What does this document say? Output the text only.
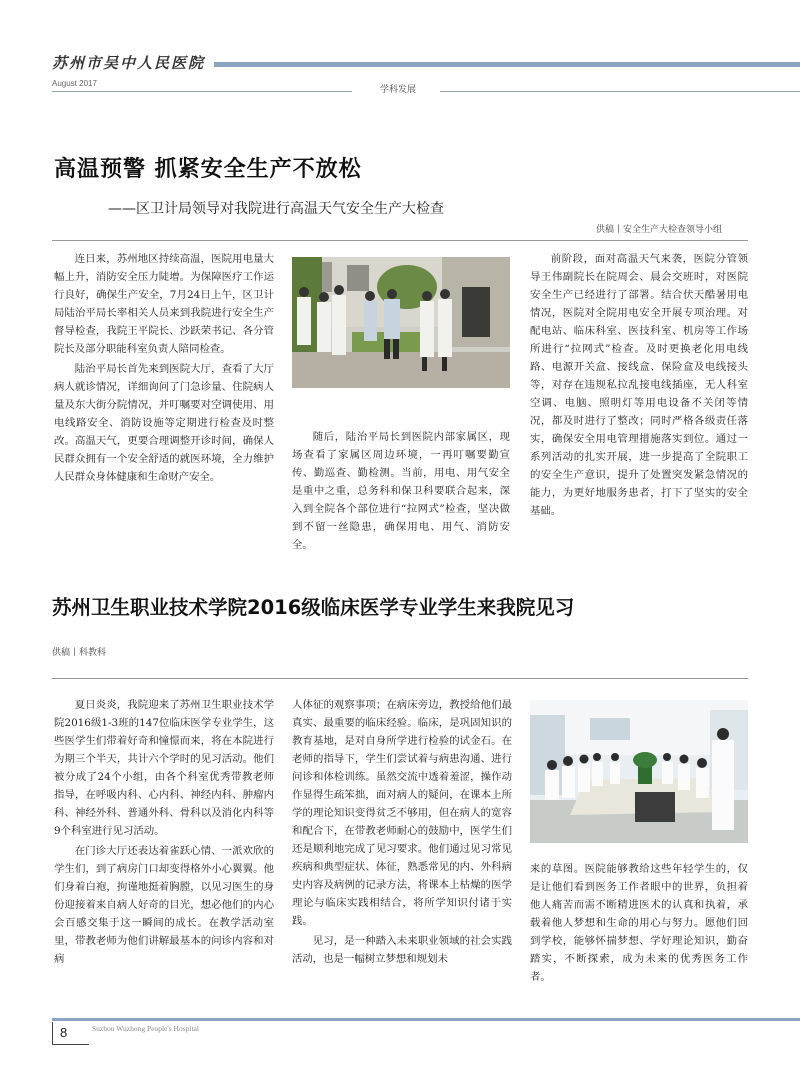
苏州市吴中人民医院
August 2017
学科发展
高温预警 抓紧安全生产不放松
——区卫计局领导对我院进行高温天气安全生产大检查
供稿丨安全生产大检查领导小组

连日来，苏州地区持续高温，医院用电量大幅上升，消防安全压力陡增。为保障医疗工作运行良好，确保生产安全，7月24日上午，区卫计局陆治平局长率相关人员来到我院进行安全生产督导检查，我院王平院长、沙跃荣书记、各分管院长及部分职能科室负责人陪同检查。

陆治平局长首先来到医院大厅，查看了大厅病人就诊情况，详细询问了门急诊量、住院病人量及东大街分院情况，并叮嘱要对空调使用、用电线路安全、消防设施等定期进行检查及时整改。高温天气，更要合理调整开诊时间，确保人民群众拥有一个安全舒适的就医环境，全力维护人民群众身体健康和生命财产安全。

随后，陆治平局长到医院内部家属区，现场查看了家属区周边环境，一再叮嘱要勤宣传、勤巡查、勤检测。当前，用电、用气安全是重中之重，总务科和保卫科要联合起来，深入到全院各个部位进行“拉网式”检查，坚决做到不留一丝隐患，确保用电、用气、消防安全。

前阶段，面对高温天气来袭，医院分管领导王伟副院长在院周会、晨会交班时，对医院安全生产已经进行了部署。结合伏天酷暑用电情况，医院对全院用电安全开展专项治理。对配电站、临床科室、医技科室、机房等工作场所进行“拉网式”检查。及时更换老化用电线路、电源开关盒、接线盒、保险盒及电线接头等，对存在违规私拉乱接电线插座，无人科室空调、电脑、照明灯等用电设备不关闭等情况，都及时进行了整改；同时严格各级责任落实，确保安全用电管理措施落实到位。通过一系列活动的扎实开展，进一步提高了全院职工的安全生产意识，提升了处置突发紧急情况的能力，为更好地服务患者，打下了坚实的安全基础。

苏州卫生职业技术学院2016级临床医学专业学生来我院见习
供稿丨科教科

夏日炎炎，我院迎来了苏州卫生职业技术学院2016级1-3班的147位临床医学专业学生，这些医学生们带着好奇和憧憬而来，将在本院进行为期三个半天，共计六个学时的见习活动。他们被分成了24个小组，由各个科室优秀带教老师指导，在呼吸内科、心内科、神经内科、肿瘤内科、神经外科、普通外科、骨科以及消化内科等9个科室进行见习活动。

在门诊大厅还表达着雀跃心情、一派欢欣的学生们，到了病房门口却变得格外小心翼翼。他们身着白袍，拘谨地挺着胸膛，以见习医生的身份迎接着来自病人好奇的目光，想必他们的内心会百感交集于这一瞬间的成长。在教学活动室里，带教老师为他们讲解最基本的问诊内容和对病

人体征的观察事项；在病床旁边，教授给他们最真实、最重要的临床经验。临床，是巩固知识的教育基地，是对自身所学进行检验的试金石。在老师的指导下，学生们尝试着与病患沟通、进行问诊和体检训练。虽然交流中透着羞涩，操作动作显得生疏笨拙，面对病人的疑问，在课本上所学的理论知识变得贫乏不够用，但在病人的宽容和配合下，在带教老师耐心的鼓励中，医学生们还是顺利地完成了见习要求。他们通过见习常见疾病和典型症状、体征，熟悉常见的内、外科病史内容及病例的记录方法，将课本上枯燥的医学理论与临床实践相结合，将所学知识付诸于实践。

见习，是一种踏入未来职业领域的社会实践活动，也是一幅树立梦想和规划未

来的草图。医院能够教给这些年轻学生的，仅是让他们看到医务工作者眼中的世界，负担着他人痛苦而需不断精进医术的认真和执着，承载着他人梦想和生命的用心与努力。愿他们回到学校，能够怀揣梦想、学好理论知识，勤奋踏实，不断探索，成为未来的优秀医务工作者。

8	Suzhou Wuzhong People's Hospital
